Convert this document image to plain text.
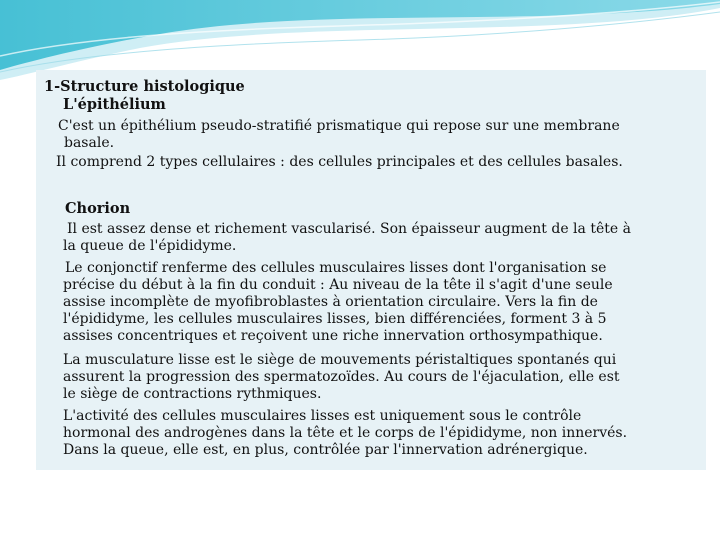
1-Structure histologique
L'épithélium
C'est un épithélium pseudo-stratifié prismatique qui repose sur une membrane
basale.
Il comprend 2 types cellulaires : des cellules principales et des cellules basales.
Chorion
Il est assez dense et richement vascularisé. Son épaisseur augment de la tête à
la queue de l'épididyme.
Le conjonctif renferme des cellules musculaires lisses dont l'organisation se
précise du début à la fin du conduit : Au niveau de la tête il s'agit d'une seule
assise incomplète de myofibroblastes à orientation circulaire. Vers la fin de
l'épididyme, les cellules musculaires lisses, bien différenciées, forment 3 à 5
assises concentriques et reçoivent une riche innervation orthosympathique.
La musculature lisse est le siège de mouvements péristaltiques spontanés qui
assurent la progression des spermatozoïdes. Au cours de l'éjaculation, elle est
le siège de contractions rythmiques.
L'activité des cellules musculaires lisses est uniquement sous le contrôle
hormonal des androgènes dans la tête et le corps de l'épididyme, non innervés.
Dans la queue, elle est, en plus, contrôlée par l'innervation adrénergique.
